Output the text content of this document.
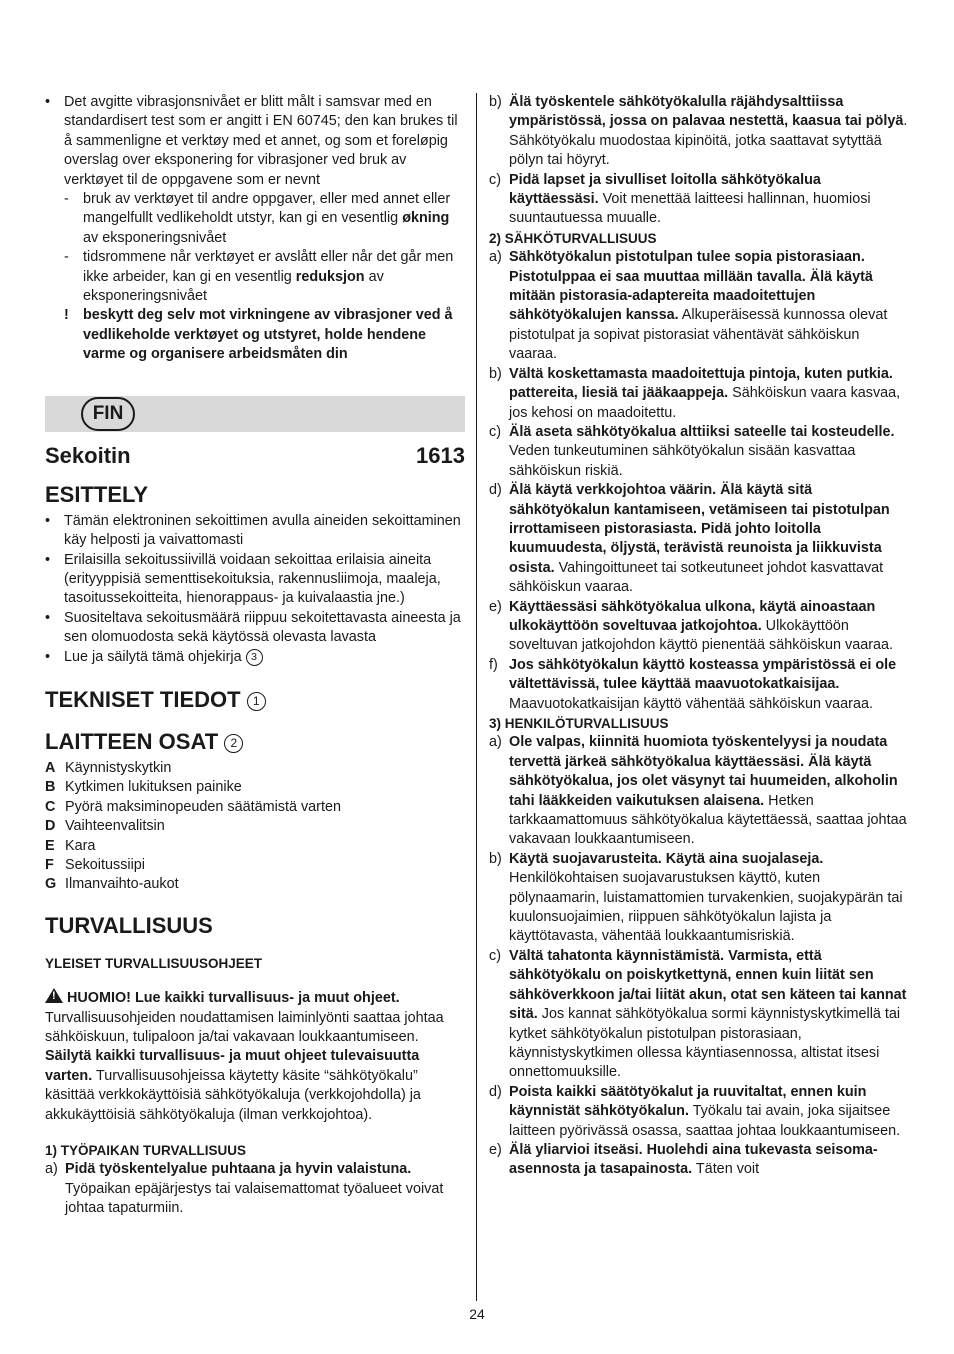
• Det avgitte vibrasjonsnivået er blitt målt i samsvar med en standardisert test som er angitt i EN 60745; den kan brukes til å sammenligne et verktøy med et annet, og som et foreløpig overslag over eksponering for vibrasjoner ved bruk av verktøyet til de oppgavene som er nevnt
- bruk av verktøyet til andre oppgaver, eller med annet eller mangelfullt vedlikeholdt utstyr, kan gi en vesentlig økning av eksponeringsnivået
- tidsrommene når verktøyet er avslått eller når det går men ikke arbeider, kan gi en vesentlig reduksjon av eksponeringsnivået
! beskytt deg selv mot virkningene av vibrasjoner ved å vedlikeholde verktøyet og utstyret, holde hendene varme og organisere arbeidsmåten din
FIN
Sekoitin	1613
ESITTELY
• Tämän elektroninen sekoittimen avulla aineiden sekoittaminen käy helposti ja vaivattomasti
• Erilaisilla sekoitussiivillä voidaan sekoittaa erilaisia aineita (erityyppisiä sementtisekoituksia, rakennusliimoja, maaleja, tasoitussekoitteita, hienorappaus- ja kuivalaastia jne.)
• Suositeltava sekoitusmäärä riippuu sekoitettavasta aineesta ja sen olomuodosta sekä käytössä olevasta lavasta
• Lue ja säilytä tämä ohjekirja 3
TEKNISET TIEDOT 1
LAITTEEN OSAT 2
A Käynnistyskytkin
B Kytkimen lukituksen painike
C Pyörä maksiminopeuden säätämistä varten
D Vaihteenvalitsin
E Kara
F Sekoitussiipi
G Ilmanvaihto-aukot
TURVALLISUUS
YLEISET TURVALLISUUSOHJEET
!HUOMIO! Lue kaikki turvallisuus- ja muut ohjeet. Turvallisuusohjeiden noudattamisen laiminlyönti saattaa johtaa sähköiskuun, tulipaloon ja/tai vakavaan loukkaantumiseen. Säilytä kaikki turvallisuus- ja muut ohjeet tulevaisuutta varten. Turvallisuusohjeissa käytetty käsite “sähkötyökalu” käsittää verkkokäyttöisiä sähkötyökaluja (verkkojohdolla) ja akkukäyttöisiä sähkötyökaluja (ilman verkkojohtoa).
1) TYÖPAIKAN TURVALLISUUS
a) Pidä työskentelyalue puhtaana ja hyvin valaistuna. Työpaikan epäjärjestys tai valaisemattomat työalueet voivat johtaa tapaturmiin.
b) Älä työskentele sähkötyökalulla räjähdysalttiissa ympäristössä, jossa on palavaa nestettä, kaasua tai pölyä. Sähkötyökalu muodostaa kipinöitä, jotka saattavat sytyttää pölyn tai höyryt.
c) Pidä lapset ja sivulliset loitolla sähkötyökalua käyttäessäsi. Voit menettää laitteesi hallinnan, huomiosi suuntautuessa muualle.
2) SÄHKÖTURVALLISUUS
a) Sähkötyökalun pistotulpan tulee sopia pistorasiaan. Pistotulppaa ei saa muuttaa millään tavalla. Älä käytä mitään pistorasia-adaptereita maadoitettujen sähkötyökalujen kanssa. Alkuperäisessä kunnossa olevat pistotulpat ja sopivat pistorasiat vähentävät sähköiskun vaaraa.
b) Vältä koskettamasta maadoitettuja pintoja, kuten putkia. pattereita, liesiä tai jääkaappeja. Sähköiskun vaara kasvaa, jos kehosi on maadoitettu.
c) Älä aseta sähkötyökalua alttiiksi sateelle tai kosteudelle. Veden tunkeutuminen sähkötyökalun sisään kasvattaa sähköiskun riskiä.
d) Älä käytä verkkojohtoa väärin. Älä käytä sitä sähkötyökalun kantamiseen, vetämiseen tai pistotulpan irrottamiseen pistorasiasta. Pidä johto loitolla kuumuudesta, öljystä, terävistä reunoista ja liikkuvista osista. Vahingoittuneet tai sotkeutuneet johdot kasvattavat sähköiskun vaaraa.
e) Käyttäessäsi sähkötyökalua ulkona, käytä ainoastaan ulkokäyttöön soveltuvaa jatkojohtoa. Ulkokäyttöön soveltuvan jatkojohdon käyttö pienentää sähköiskun vaaraa.
f) Jos sähkötyökalun käyttö kosteassa ympäristössä ei ole vältettävissä, tulee käyttää maavuotokatkaisijaa. Maavuotokatkaisijan käyttö vähentää sähköiskun vaaraa.
3) HENKILÖTURVALLISUUS
a) Ole valpas, kiinnitä huomiota työskentelyysi ja noudata tervettä järkeä sähkötyökalua käyttäessäsi. Älä käytä sähkötyökalua, jos olet väsynyt tai huumeiden, alkoholin tahi lääkkeiden vaikutuksen alaisena. Hetken tarkkaamattomuus sähkötyökalua käytettäessä, saattaa johtaa vakavaan loukkaantumiseen.
b) Käytä suojavarusteita. Käytä aina suojalaseja. Henkilökohtaisen suojavarustuksen käyttö, kuten pölynaamarin, luistamattomien turvakenkien, suojakypärän tai kuulonsuojaimien, riippuen sähkötyökalun lajista ja käyttötavasta, vähentää loukkaantumisriskiä.
c) Vältä tahatonta käynnistämistä. Varmista, että sähkötyökalu on poiskytkettynä, ennen kuin liität sen sähköverkkoon ja/tai liität akun, otat sen käteen tai kannat sitä. Jos kannat sähkötyökalua sormi käynnistyskytkimellä tai kytket sähkötyökalun pistotulpan pistorasiaan, käynnistyskytkimen ollessa käyntiasennossa, altistat itsesi onnettomuuksille.
d) Poista kaikki säätötyökalut ja ruuvitaltat, ennen kuin käynnistät sähkötyökalun. Työkalu tai avain, joka sijaitsee laitteen pyörivässä osassa, saattaa johtaa loukkaantumiseen.
e) Älä yliarvioi itseäsi. Huolehdi aina tukevasta seisoma-asennosta ja tasapainosta. Täten voit
24
